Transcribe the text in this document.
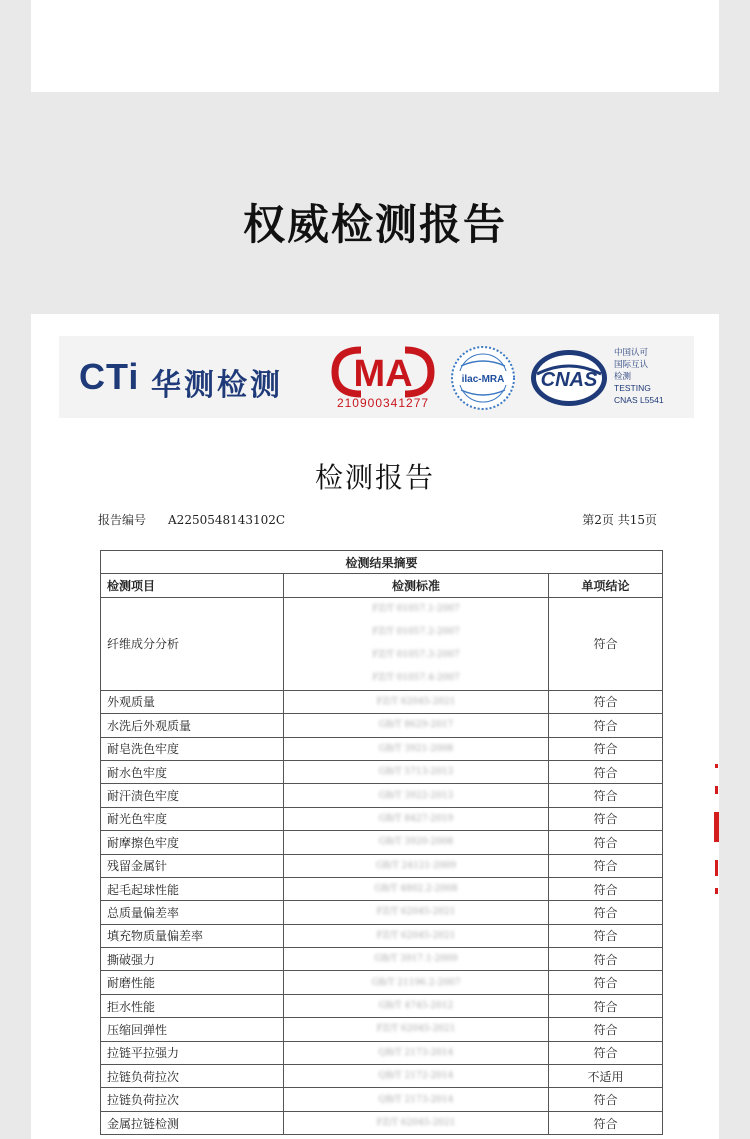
权威检测报告
CTi 华测检测 MA
210900341277
ilac-MRA CNAS
中国认可
国际互认
检测
TESTING
CNAS L5541
检测报告
报告编号 A2250548143102C	第2页 共15页
检测结果摘要		
检测项目	检测标准	单项结论
纤维成分分析	FZ/T 01057.1-2007
FZ/T 01057.2-2007
FZ/T 01057.3-2007
FZ/T 01057.4-2007	符合
外观质量	FZ/T 62045-2021	符合
水洗后外观质量	GB/T 8629-2017	符合
耐皂洗色牢度	GB/T 3921-2008	符合
耐水色牢度	GB/T 5713-2013	符合
耐汗渍色牢度	GB/T 3922-2013	符合
耐光色牢度	GB/T 8427-2019	符合
耐摩擦色牢度	GB/T 3920-2008	符合
残留金属针	GB/T 24121-2009	符合
起毛起球性能	GB/T 4802.2-2008	符合
总质量偏差率	FZ/T 62045-2021	符合
填充物质量偏差率	FZ/T 62045-2021	符合
撕破强力	GB/T 3917.1-2009	符合
耐磨性能	GB/T 21196.2-2007	符合
拒水性能	GB/T 4745-2012	符合
压缩回弹性	FZ/T 62045-2021	符合
拉链平拉强力	QB/T 2173-2014	符合
拉链负荷拉次	QB/T 2172-2014	不适用
拉链负荷拉次	QB/T 2173-2014	符合
金属拉链检测	FZ/T 62045-2021	符合
